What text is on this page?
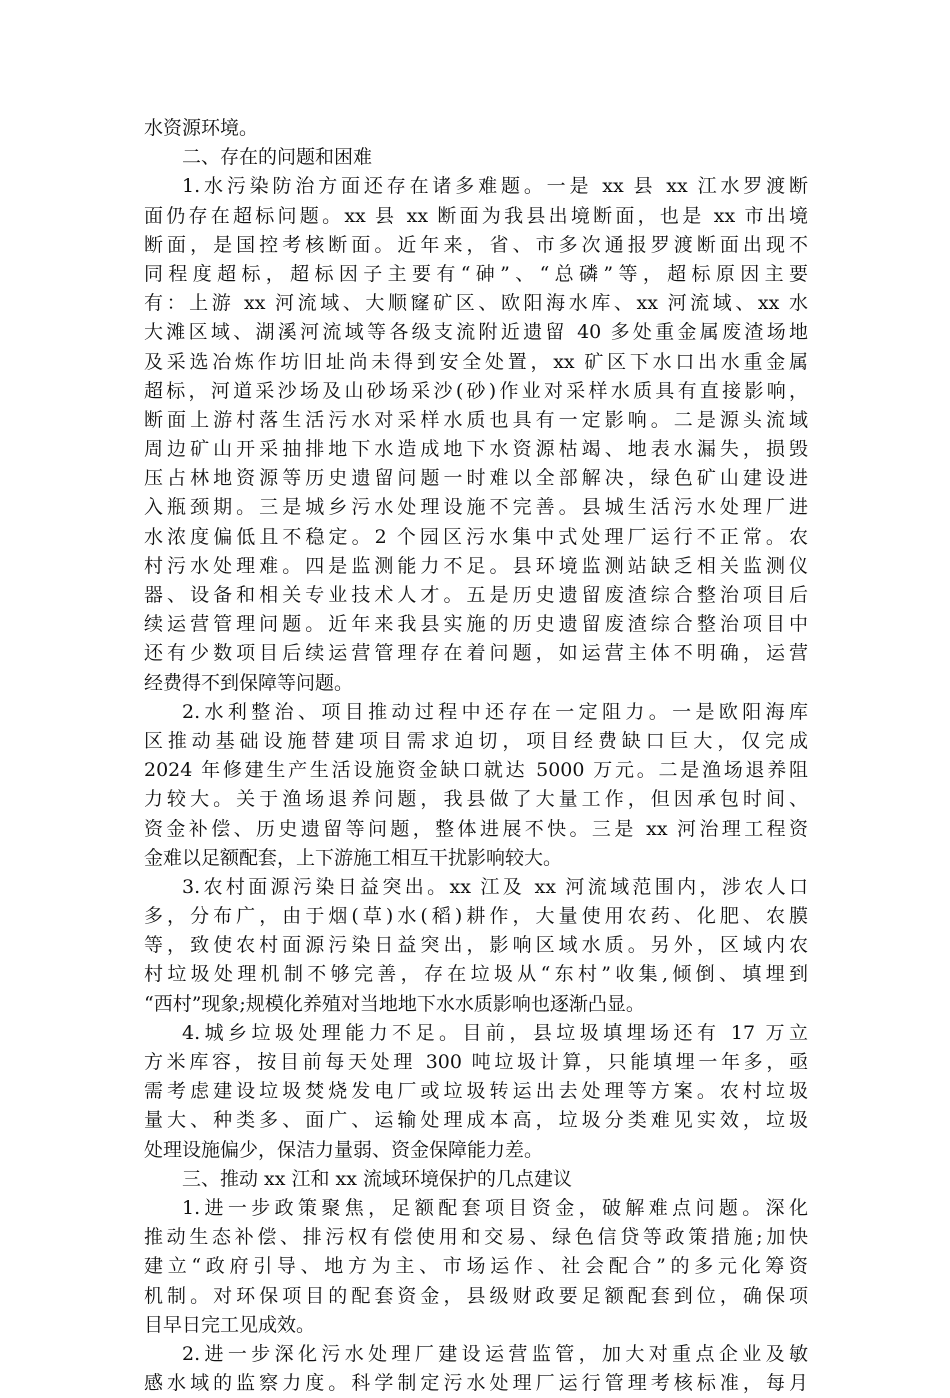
水资源环境。
二、存在的问题和困难
1.水污染防治方面还存在诸多难题。一是 xx 县 xx 江水罗渡断
面仍存在超标问题。xx 县 xx 断面为我县出境断面，也是 xx 市出境
断面，是国控考核断面。近年来，省、市多次通报罗渡断面出现不
同程度超标，超标因子主要有“砷”、“总磷”等，超标原因主要
有：上游 xx 河流域、大顺窿矿区、欧阳海水库、xx 河流域、xx 水
大滩区域、湖溪河流域等各级支流附近遗留 40 多处重金属废渣场地
及采选冶炼作坊旧址尚未得到安全处置，xx 矿区下水口出水重金属
超标，河道采沙场及山砂场采沙(砂)作业对采样水质具有直接影响，
断面上游村落生活污水对采样水质也具有一定影响。二是源头流域
周边矿山开采抽排地下水造成地下水资源枯竭、地表水漏失，损毁
压占林地资源等历史遗留问题一时难以全部解决，绿色矿山建设进
入瓶颈期。三是城乡污水处理设施不完善。县城生活污水处理厂进
水浓度偏低且不稳定。2 个园区污水集中式处理厂运行不正常。农
村污水处理难。四是监测能力不足。县环境监测站缺乏相关监测仪
器、设备和相关专业技术人才。五是历史遗留废渣综合整治项目后
续运营管理问题。近年来我县实施的历史遗留废渣综合整治项目中
还有少数项目后续运营管理存在着问题，如运营主体不明确，运营
经费得不到保障等问题。
2.水利整治、项目推动过程中还存在一定阻力。一是欧阳海库
区推动基础设施替建项目需求迫切，项目经费缺口巨大，仅完成
2024 年修建生产生活设施资金缺口就达 5000 万元。二是渔场退养阻
力较大。关于渔场退养问题，我县做了大量工作，但因承包时间、
资金补偿、历史遗留等问题，整体进展不快。三是 xx 河治理工程资
金难以足额配套，上下游施工相互干扰影响较大。
3.农村面源污染日益突出。xx 江及 xx 河流域范围内，涉农人口
多，分布广，由于烟(草)水(稻)耕作，大量使用农药、化肥、农膜
等，致使农村面源污染日益突出，影响区域水质。另外，区域内农
村垃圾处理机制不够完善，存在垃圾从“东村”收集,倾倒、填埋到
“西村”现象;规模化养殖对当地地下水水质影响也逐渐凸显。
4.城乡垃圾处理能力不足。目前，县垃圾填埋场还有 17 万立
方米库容，按目前每天处理 300 吨垃圾计算，只能填埋一年多，亟
需考虑建设垃圾焚烧发电厂或垃圾转运出去处理等方案。农村垃圾
量大、种类多、面广、运输处理成本高，垃圾分类难见实效，垃圾
处理设施偏少，保洁力量弱、资金保障能力差。
三、推动 xx 江和 xx 流域环境保护的几点建议
1.进一步政策聚焦，足额配套项目资金，破解难点问题。深化
推动生态补偿、排污权有偿使用和交易、绿色信贷等政策措施;加快
建立“政府引导、地方为主、市场运作、社会配合”的多元化筹资
机制。对环保项目的配套资金，县级财政要足额配套到位，确保项
目早日完工见成效。
2.进一步深化污水处理厂建设运营监管，加大对重点企业及敏
感水域的监察力度。科学制定污水处理厂运行管理考核标准，每月
